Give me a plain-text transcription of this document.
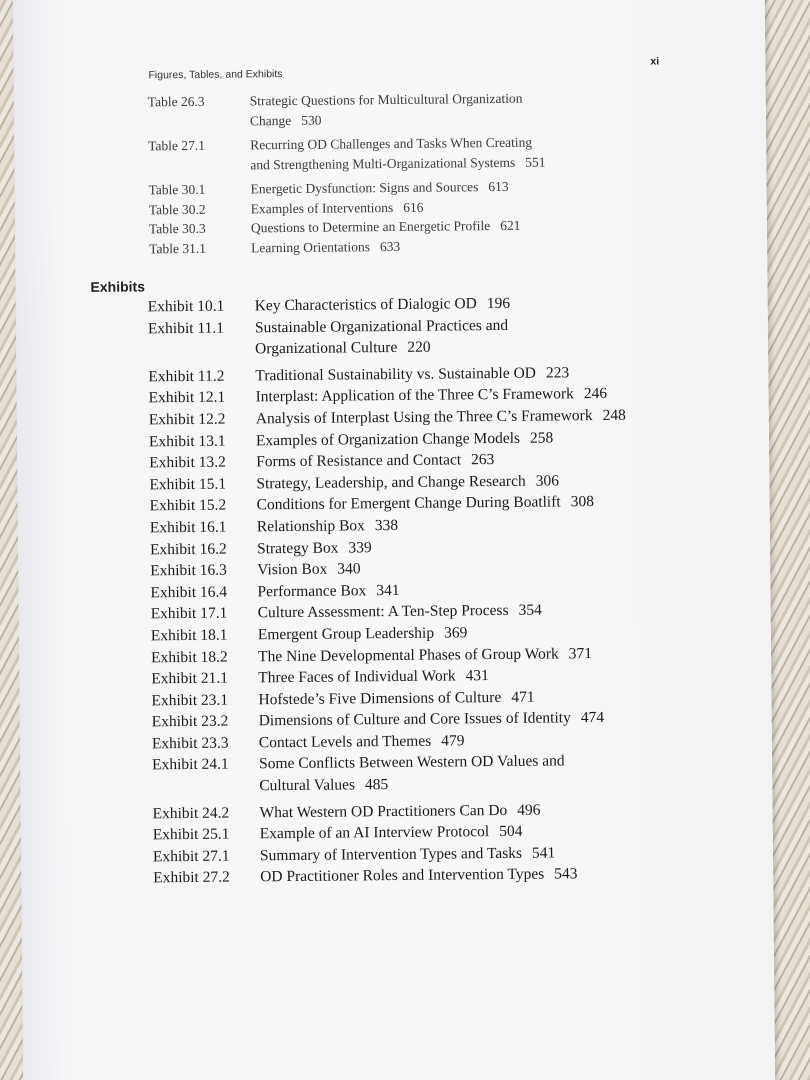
Figures, Tables, and Exhibits
xi
Table 26.3	Strategic Questions for Multicultural Organization
Change 530
Table 27.1	Recurring OD Challenges and Tasks When Creating
and Strengthening Multi-Organizational Systems 551
Table 30.1	Energetic Dysfunction: Signs and Sources 613
Table 30.2	Examples of Interventions 616
Table 30.3	Questions to Determine an Energetic Profile 621
Table 31.1	Learning Orientations 633
Exhibits
Exhibit 10.1	Key Characteristics of Dialogic OD 196
Exhibit 11.1	Sustainable Organizational Practices and
Organizational Culture 220
Exhibit 11.2	Traditional Sustainability vs. Sustainable OD 223
Exhibit 12.1	Interplast: Application of the Three C’s Framework 246
Exhibit 12.2	Analysis of Interplast Using the Three C’s Framework 248
Exhibit 13.1	Examples of Organization Change Models 258
Exhibit 13.2	Forms of Resistance and Contact 263
Exhibit 15.1	Strategy, Leadership, and Change Research 306
Exhibit 15.2	Conditions for Emergent Change During Boatlift 308
Exhibit 16.1	Relationship Box 338
Exhibit 16.2	Strategy Box 339
Exhibit 16.3	Vision Box 340
Exhibit 16.4	Performance Box 341
Exhibit 17.1	Culture Assessment: A Ten-Step Process 354
Exhibit 18.1	Emergent Group Leadership 369
Exhibit 18.2	The Nine Developmental Phases of Group Work 371
Exhibit 21.1	Three Faces of Individual Work 431
Exhibit 23.1	Hofstede’s Five Dimensions of Culture 471
Exhibit 23.2	Dimensions of Culture and Core Issues of Identity 474
Exhibit 23.3	Contact Levels and Themes 479
Exhibit 24.1	Some Conflicts Between Western OD Values and
Cultural Values 485
Exhibit 24.2	What Western OD Practitioners Can Do 496
Exhibit 25.1	Example of an AI Interview Protocol 504
Exhibit 27.1	Summary of Intervention Types and Tasks 541
Exhibit 27.2	OD Practitioner Roles and Intervention Types 543
